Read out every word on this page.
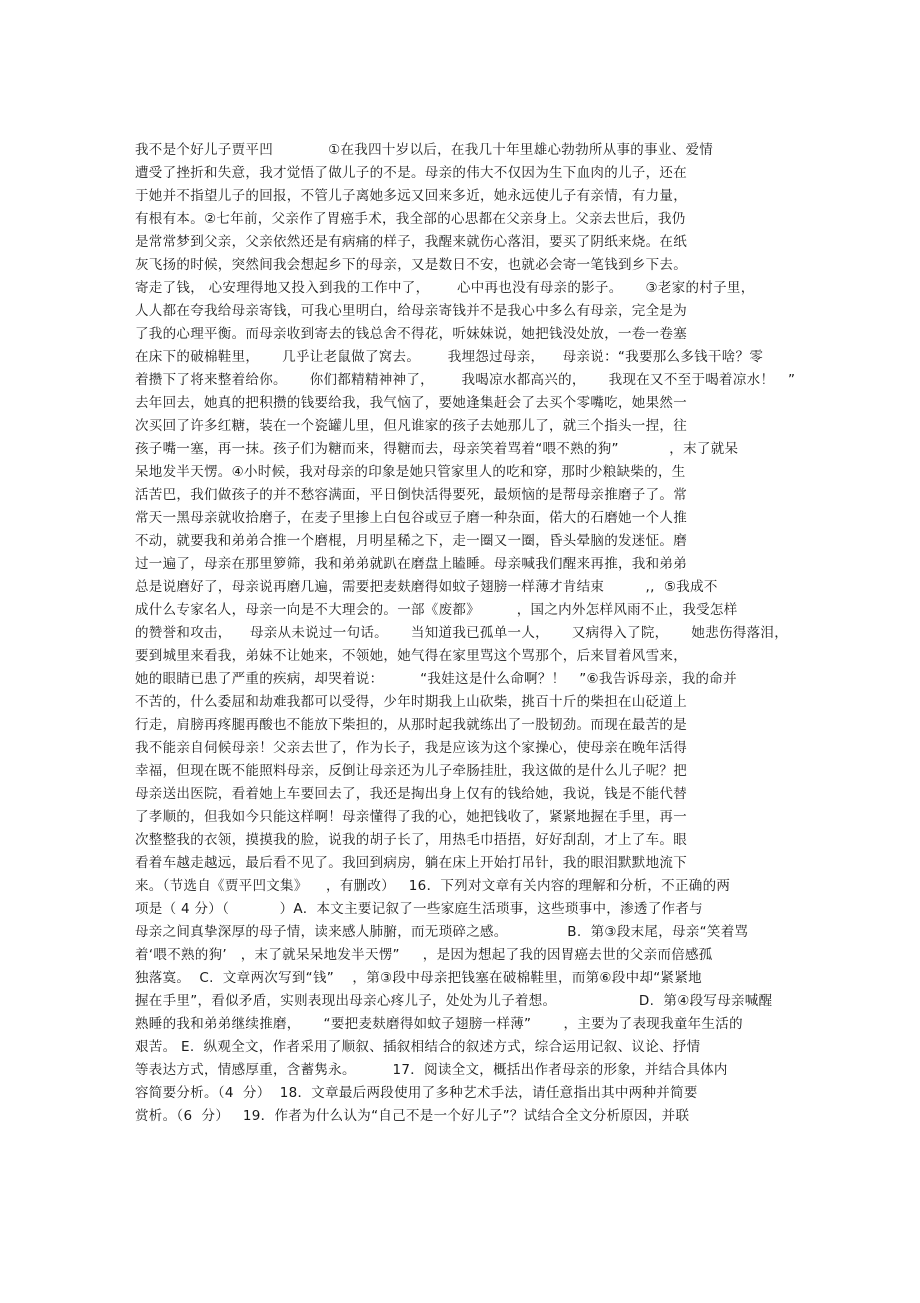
我不是个好儿子贾平凹            ①在我四十岁以后，在我几十年里雄心勃勃所从事的事业、爱情
遭受了挫折和失意，我才觉悟了做儿子的不是。母亲的伟大不仅因为生下血肉的儿子，还在
于她并不指望儿子的回报，不管儿子离她多远又回来多近，她永远使儿子有亲情，有力量，
有根有本。②七年前，父亲作了胃癌手术，我全部的心思都在父亲身上。父亲去世后，我仍
是常常梦到父亲，父亲依然还是有病痛的样子，我醒来就伤心落泪，要买了阴纸来烧。在纸
灰飞扬的时候，突然间我会想起乡下的母亲，又是数日不安，也就必会寄一笔钱到乡下去。
寄走了钱， 心安理得地又投入到我的工作中了，      心中再也没有母亲的影子。     ③老家的村子里，
人人都在夸我给母亲寄钱，可我心里明白，给母亲寄钱并不是我心中多么有母亲，完全是为
了我的心理平衡。而母亲收到寄去的钱总舍不得花，听妹妹说，她把钱没处放，一卷一卷塞
在床下的破棉鞋里，     几乎让老鼠做了窝去。      我埋怨过母亲，    母亲说：“我要那么多钱干啥？零
着攒下了将来整着给你。     你们都精精神神了，      我喝凉水都高兴的，     我现在又不至于喝着凉水！   ”
去年回去，她真的把积攒的钱要给我，我气恼了，要她逢集赶会了去买个零嘴吃，她果然一
次买回了许多红糖，装在一个瓷罐儿里，但凡谁家的孩子去她那儿了，就三个指头一捏，往
孩子嘴一塞，再一抹。孩子们为糖而来，得糖而去，母亲笑着骂着“喂不熟的狗”           ，末了就呆
呆地发半天愣。④小时候，我对母亲的印象是她只管家里人的吃和穿，那时少粮缺柴的，生
活苦巴，我们做孩子的并不愁容满面，平日倒快活得要死，最烦恼的是帮母亲推磨子了。常
常天一黑母亲就收拾磨子，在麦子里掺上白包谷或豆子磨一种杂面，偌大的石磨她一个人推
不动，就要我和弟弟合推一个磨棍，月明星稀之下，走一圈又一圈，昏头晕脑的发迷怔。磨
过一遍了，母亲在那里箩筛，我和弟弟就趴在磨盘上瞌睡。母亲喊我们醒来再推，我和弟弟
总是说磨好了，母亲说再磨几遍，需要把麦麸磨得如蚊子翅膀一样薄才肯结束         ,,  ⑤我成不
成什么专家名人，母亲一向是不大理会的。一部《废都》        ，国之内外怎样风雨不止，我受怎样
的赞誉和攻击，    母亲从未说过一句话。     当知道我已孤单一人，     又病得入了院，     她悲伤得落泪，
要到城里来看我，弟妹不让她来，不领她，她气得在家里骂这个骂那个，后来冒着风雪来，
她的眼睛已患了严重的疾病，却哭着说：        “我娃这是什么命啊？！   ”⑥我告诉母亲，我的命并
不苦的，什么委屈和劫难我都可以受得，少年时期我上山砍柴，挑百十斤的柴担在山砭道上
行走，肩膀再疼腿再酸也不能放下柴担的，从那时起我就练出了一股韧劲。而现在最苦的是
我不能亲自伺候母亲！父亲去世了，作为长子，我是应该为这个家操心，使母亲在晚年活得
幸福，但现在既不能照料母亲，反倒让母亲还为儿子牵肠挂肚，我这做的是什么儿子呢？把
母亲送出医院，看着她上车要回去了，我还是掏出身上仅有的钱给她，我说，钱是不能代替
了孝顺的，但我如今只能这样啊！母亲懂得了我的心，她把钱收了，紧紧地握在手里，再一
次整整我的衣领，摸摸我的脸，说我的胡子长了，用热毛巾捂捂，好好刮刮，才上了车。眼
看着车越走越远，最后看不见了。我回到病房，躺在床上开始打吊针，我的眼泪默默地流下
来。（节选自《贾平凹文集》    ，有删改）   16．下列对文章有关内容的理解和分析，不正确的两
项是（ 4 分）（           ）A.  本文主要记叙了一些家庭生活琐事，这些琐事中，渗透了作者与
母亲之间真挚深厚的母子情，读来感人肺腑，而无琐碎之感。             B.  第③段末尾，母亲“笑着骂
着‘喂不熟的狗’   ，末了就呆呆地发半天愣”     ，是因为想起了我的因胃癌去世的父亲而倍感孤
独落寞。  C.  文章两次写到“钱”    ，第③段中母亲把钱塞在破棉鞋里，而第⑥段中却“紧紧地
握在手里”，看似矛盾，实则表现出母亲心疼儿子，处处为儿子着想。                  D.  第④段写母亲喊醒
熟睡的我和弟弟继续推磨，     “要把麦麸磨得如蚊子翅膀一样薄”       ，主要为了表现我童年生活的
艰苦。 E.  纵观全文，作者采用了顺叙、插叙相结合的叙述方式，综合运用记叙、议论、抒情
等表达方式，情感厚重，含蓄隽永。        17．阅读全文，概括出作者母亲的形象，并结合具体内
容简要分析。（4  分）  18．文章最后两段使用了多种艺术手法，请任意指出其中两种并简要
赏析。（6  分）   19．作者为什么认为“自己不是一个好儿子”？试结合全文分析原因，并联
